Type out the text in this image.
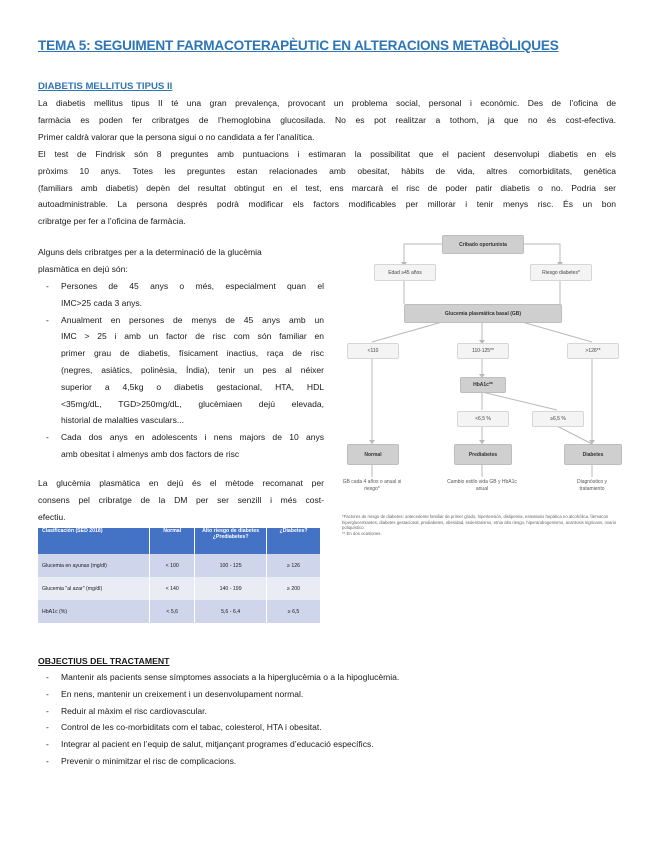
TEMA 5: SEGUIMENT FARMACOTERAPÈUTIC EN ALTERACIONS METABÒLIQUES
DIABETIS MELLITUS TIPUS II
La diabetis mellitus tipus II té una gran prevalença, provocant un problema social, personal i econòmic. Des de l’oficina de
farmàcia es poden fer cribratges de l’hemoglobina glucosilada. No es pot realitzar a tothom, ja que no és cost-efectiva.
Primer caldrà valorar que la persona sigui o no candidata a fer l’analítica.
El test de Findrisk són 8 preguntes amb puntuacions i estimaran la possibilitat que el pacient desenvolupi diabetis en els
pròxims 10 anys. Totes les preguntes estan relacionades amb obesitat, hàbits de vida, altres comorbiditats, genètica
(familiars amb diabetis) depèn del resultat obtingut en el test, ens marcarà el risc de poder patir diabetis o no. Podria ser
autoadministrable. La persona després podrà modificar els factors modificables per millorar i tenir menys risc. És un bon
cribratge per fer a l’oficina de farmàcia.
Alguns dels cribratges per a la determinació de la glucèmia
plasmàtica en dejú són:
- Persones de 45 anys o més, especialment quan el
IMC>25 cada 3 anys.
- Anualment en persones de menys de 45 anys amb un
IMC > 25 i amb un factor de risc com són familiar en
primer grau de diabetis, físicament inactius, raça de risc
(negres, asiàtics, polinèsia, Índia), tenir un pes al néixer
superior a 4,5kg o diabetis gestacional, HTA, HDL
<35mg/dL, TGD>250mg/dL, glucèmiaen dejú elevada,
historial de malalties vasculars...
- Cada dos anys en adolescents i nens majors de 10 anys
amb obesitat i almenys amb dos factors de risc
La glucèmia plasmàtica en dejú és el mètode recomanat per
consens pel cribratge de la DM per ser senzill i més cost-
efectiu.
Clasificación (SED 2018)	Normal	Alto riesgo de diabetes ¿Prediabetes?	¿Diabetes?
Glucemia en ayunas (mg/dl)	< 100	100 - 125	≥ 126
Glucemia "al azar" (mg/dl)	< 140	140 - 199	≥ 200
HbA1c (%)	< 5,6	5,6 - 6,4	≥ 6,5
Cribado oportunista
Edad ≥45 años	Riesgo diabetes*
Glucemia plasmática basal (GB)
<110	110-125**	>126**
HbA1c**
<6,5 %	≥6,5 %
Normal	Prediabetes	Diabetes
GB cada 4 años o anual si riesgo*
Cambio estilo vida GB y HbA1c anual
Diagnóstico y tratamiento
*Factores de riesgo de diabetes: antecedente familiar de primer grado, hipertensión, dislipemia, esteatosis hepática no alcohólica, fármacos hiperglucemiantes, diabetes gestacional, prediabetes, obesidad, sedentarismo, etnia alto riesgo, hiperandrogenismo, acantosis nigricans, ovario poliquístico.
** En dos ocasiones.
OBJECTIUS DEL TRACTAMENT
- Mantenir als pacients sense símptomes associats a la hiperglucèmia o a la hipoglucèmia.
- En nens, mantenir un creixement i un desenvolupament normal.
- Reduir al màxim el risc cardiovascular.
- Control de les co-morbiditats com el tabac, colesterol, HTA i obesitat.
- Integrar al pacient en l’equip de salut, mitjançant programes d’educació específics.
- Prevenir o minimitzar el risc de complicacions.
